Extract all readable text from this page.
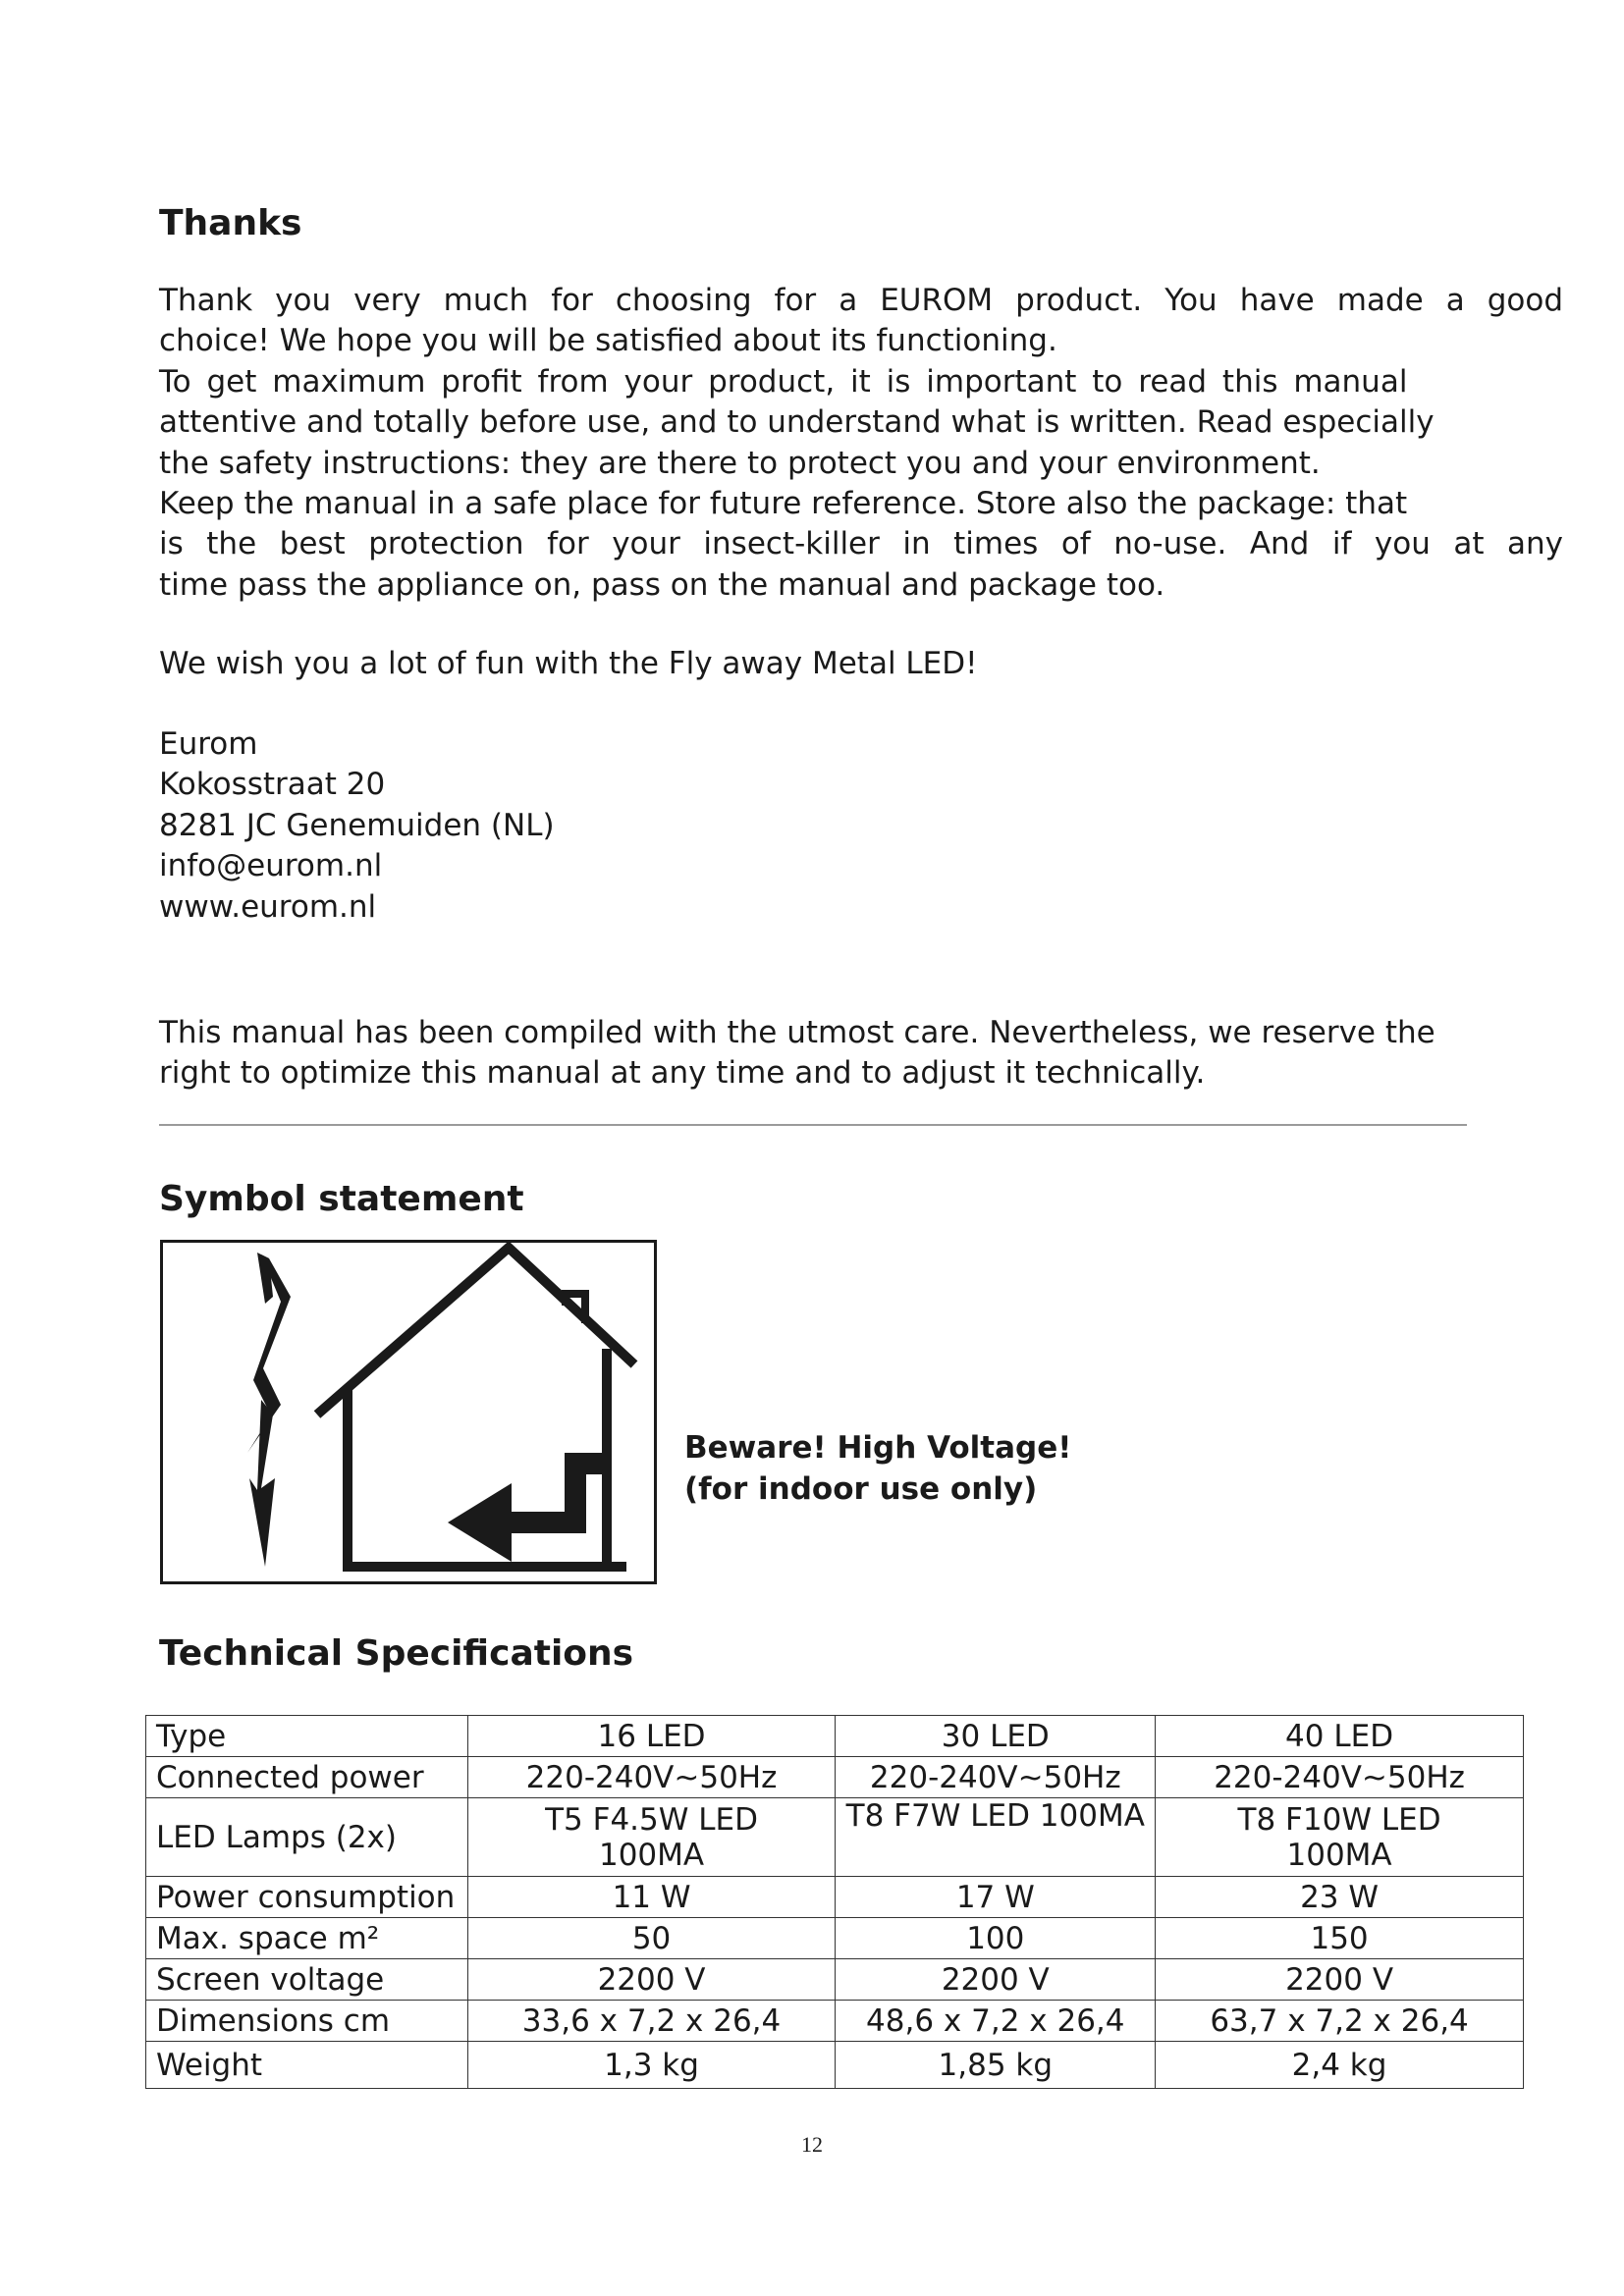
Thanks
Thank you very much for choosing for a EUROM product. You have made a good
choice! We hope you will be satisfied about its functioning.
To get maximum profit from your product, it is important to read this manual
attentive and totally before use, and to understand what is written. Read especially
the safety instructions: they are there to protect you and your environment.
Keep the manual in a safe place for future reference. Store also the package: that
is the best protection for your insect-killer in times of no-use. And if you at any
time pass the appliance on, pass on the manual and package too.

We wish you a lot of fun with the Fly away Metal LED!

Eurom
Kokosstraat 20
8281 JC Genemuiden (NL)
info@eurom.nl
www.eurom.nl
This manual has been compiled with the utmost care. Nevertheless, we reserve the
right to optimize this manual at any time and to adjust it technically.
Symbol statement
Beware! High Voltage!
(for indoor use only)
Technical Specifications
Type	16 LED	30 LED	40 LED
Connected power	220-240V~50Hz	220-240V~50Hz	220-240V~50Hz
LED Lamps (2x)	T5 F4.5W LED 100MA	T8 F7W LED 100MA	T8 F10W LED 100MA
Power consumption	11 W	17 W	23 W
Max. space m²	50	100	150
Screen voltage	2200 V	2200 V	2200 V
Dimensions cm	33,6 x 7,2 x 26,4	48,6 x 7,2 x 26,4	63,7 x 7,2 x 26,4
Weight	1,3 kg	1,85 kg	2,4 kg
12
